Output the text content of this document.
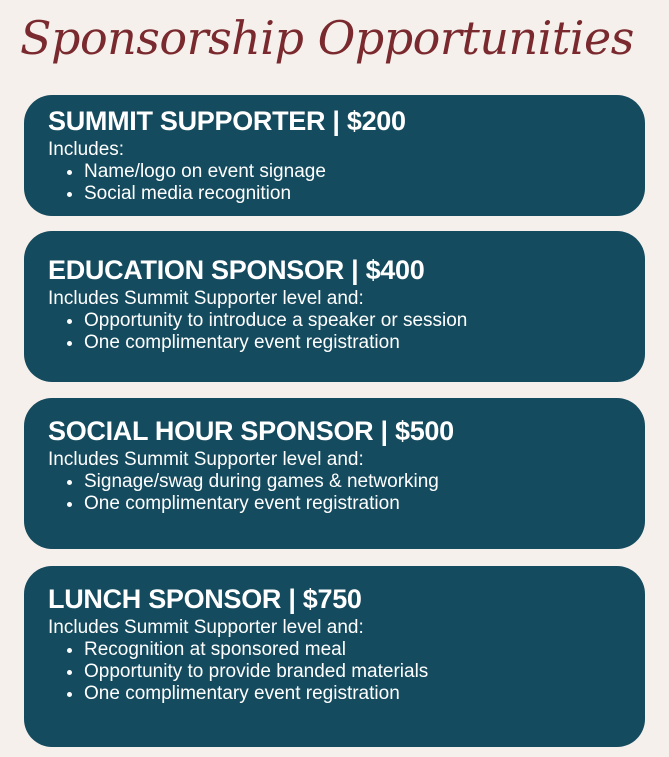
Sponsorship Opportunities
SUMMIT SUPPORTER | $200

Includes:

• Name/logo on event signage
• Social media recognition
EDUCATION SPONSOR | $400

Includes Summit Supporter level and:

• Opportunity to introduce a speaker or session
• One complimentary event registration
SOCIAL HOUR SPONSOR | $500

Includes Summit Supporter level and:

• Signage/swag during games & networking
• One complimentary event registration
LUNCH SPONSOR | $750

Includes Summit Supporter level and:

• Recognition at sponsored meal
• Opportunity to provide branded materials
• One complimentary event registration
